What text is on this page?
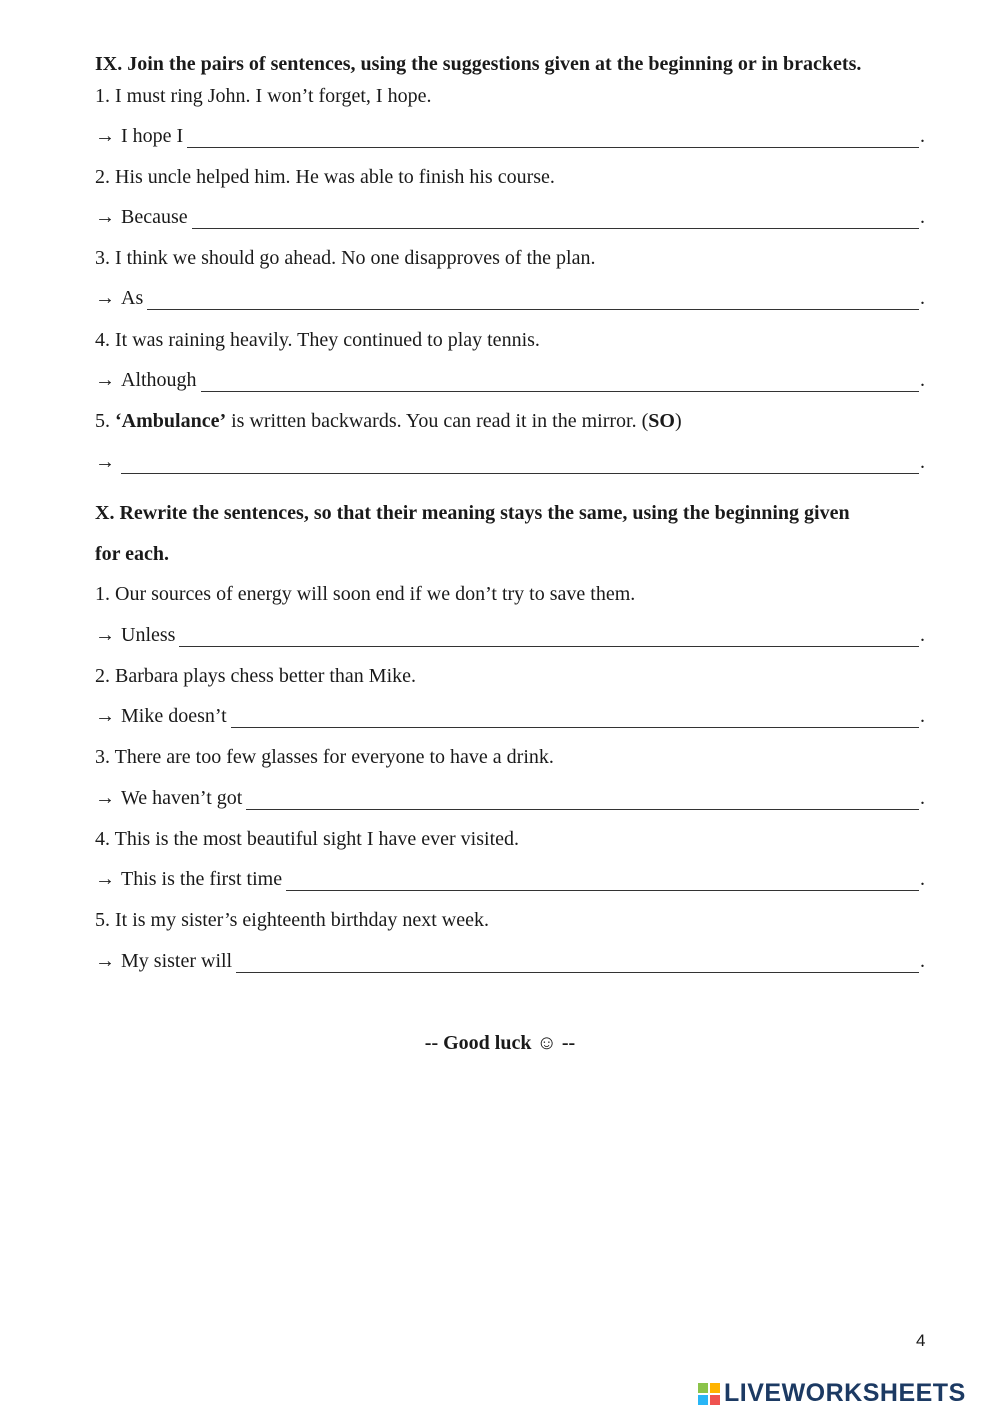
IX. Join the pairs of sentences, using the suggestions given at the beginning or in brackets.
1. I must ring John. I won’t forget, I hope.
→ I hope I	.
2. His uncle helped him. He was able to finish his course.
→ Because	.
3. I think we should go ahead. No one disapproves of the plan.
→ As	.
4. It was raining heavily. They continued to play tennis.
→ Although	.
5. ‘Ambulance’ is written backwards. You can read it in the mirror. (SO)
→	.
X. Rewrite the sentences, so that their meaning stays the same, using the beginning given
for each.
1. Our sources of energy will soon end if we don’t try to save them.
→ Unless	.
2. Barbara plays chess better than Mike.
→ Mike doesn’t	.
3. There are too few glasses for everyone to have a drink.
→ We haven’t got	.
4. This is the most beautiful sight I have ever visited.
→ This is the first time	.
5. It is my sister’s eighteenth birthday next week.
→ My sister will	.
-- Good luck ☺ --
4
LIVEWORKSHEETS
